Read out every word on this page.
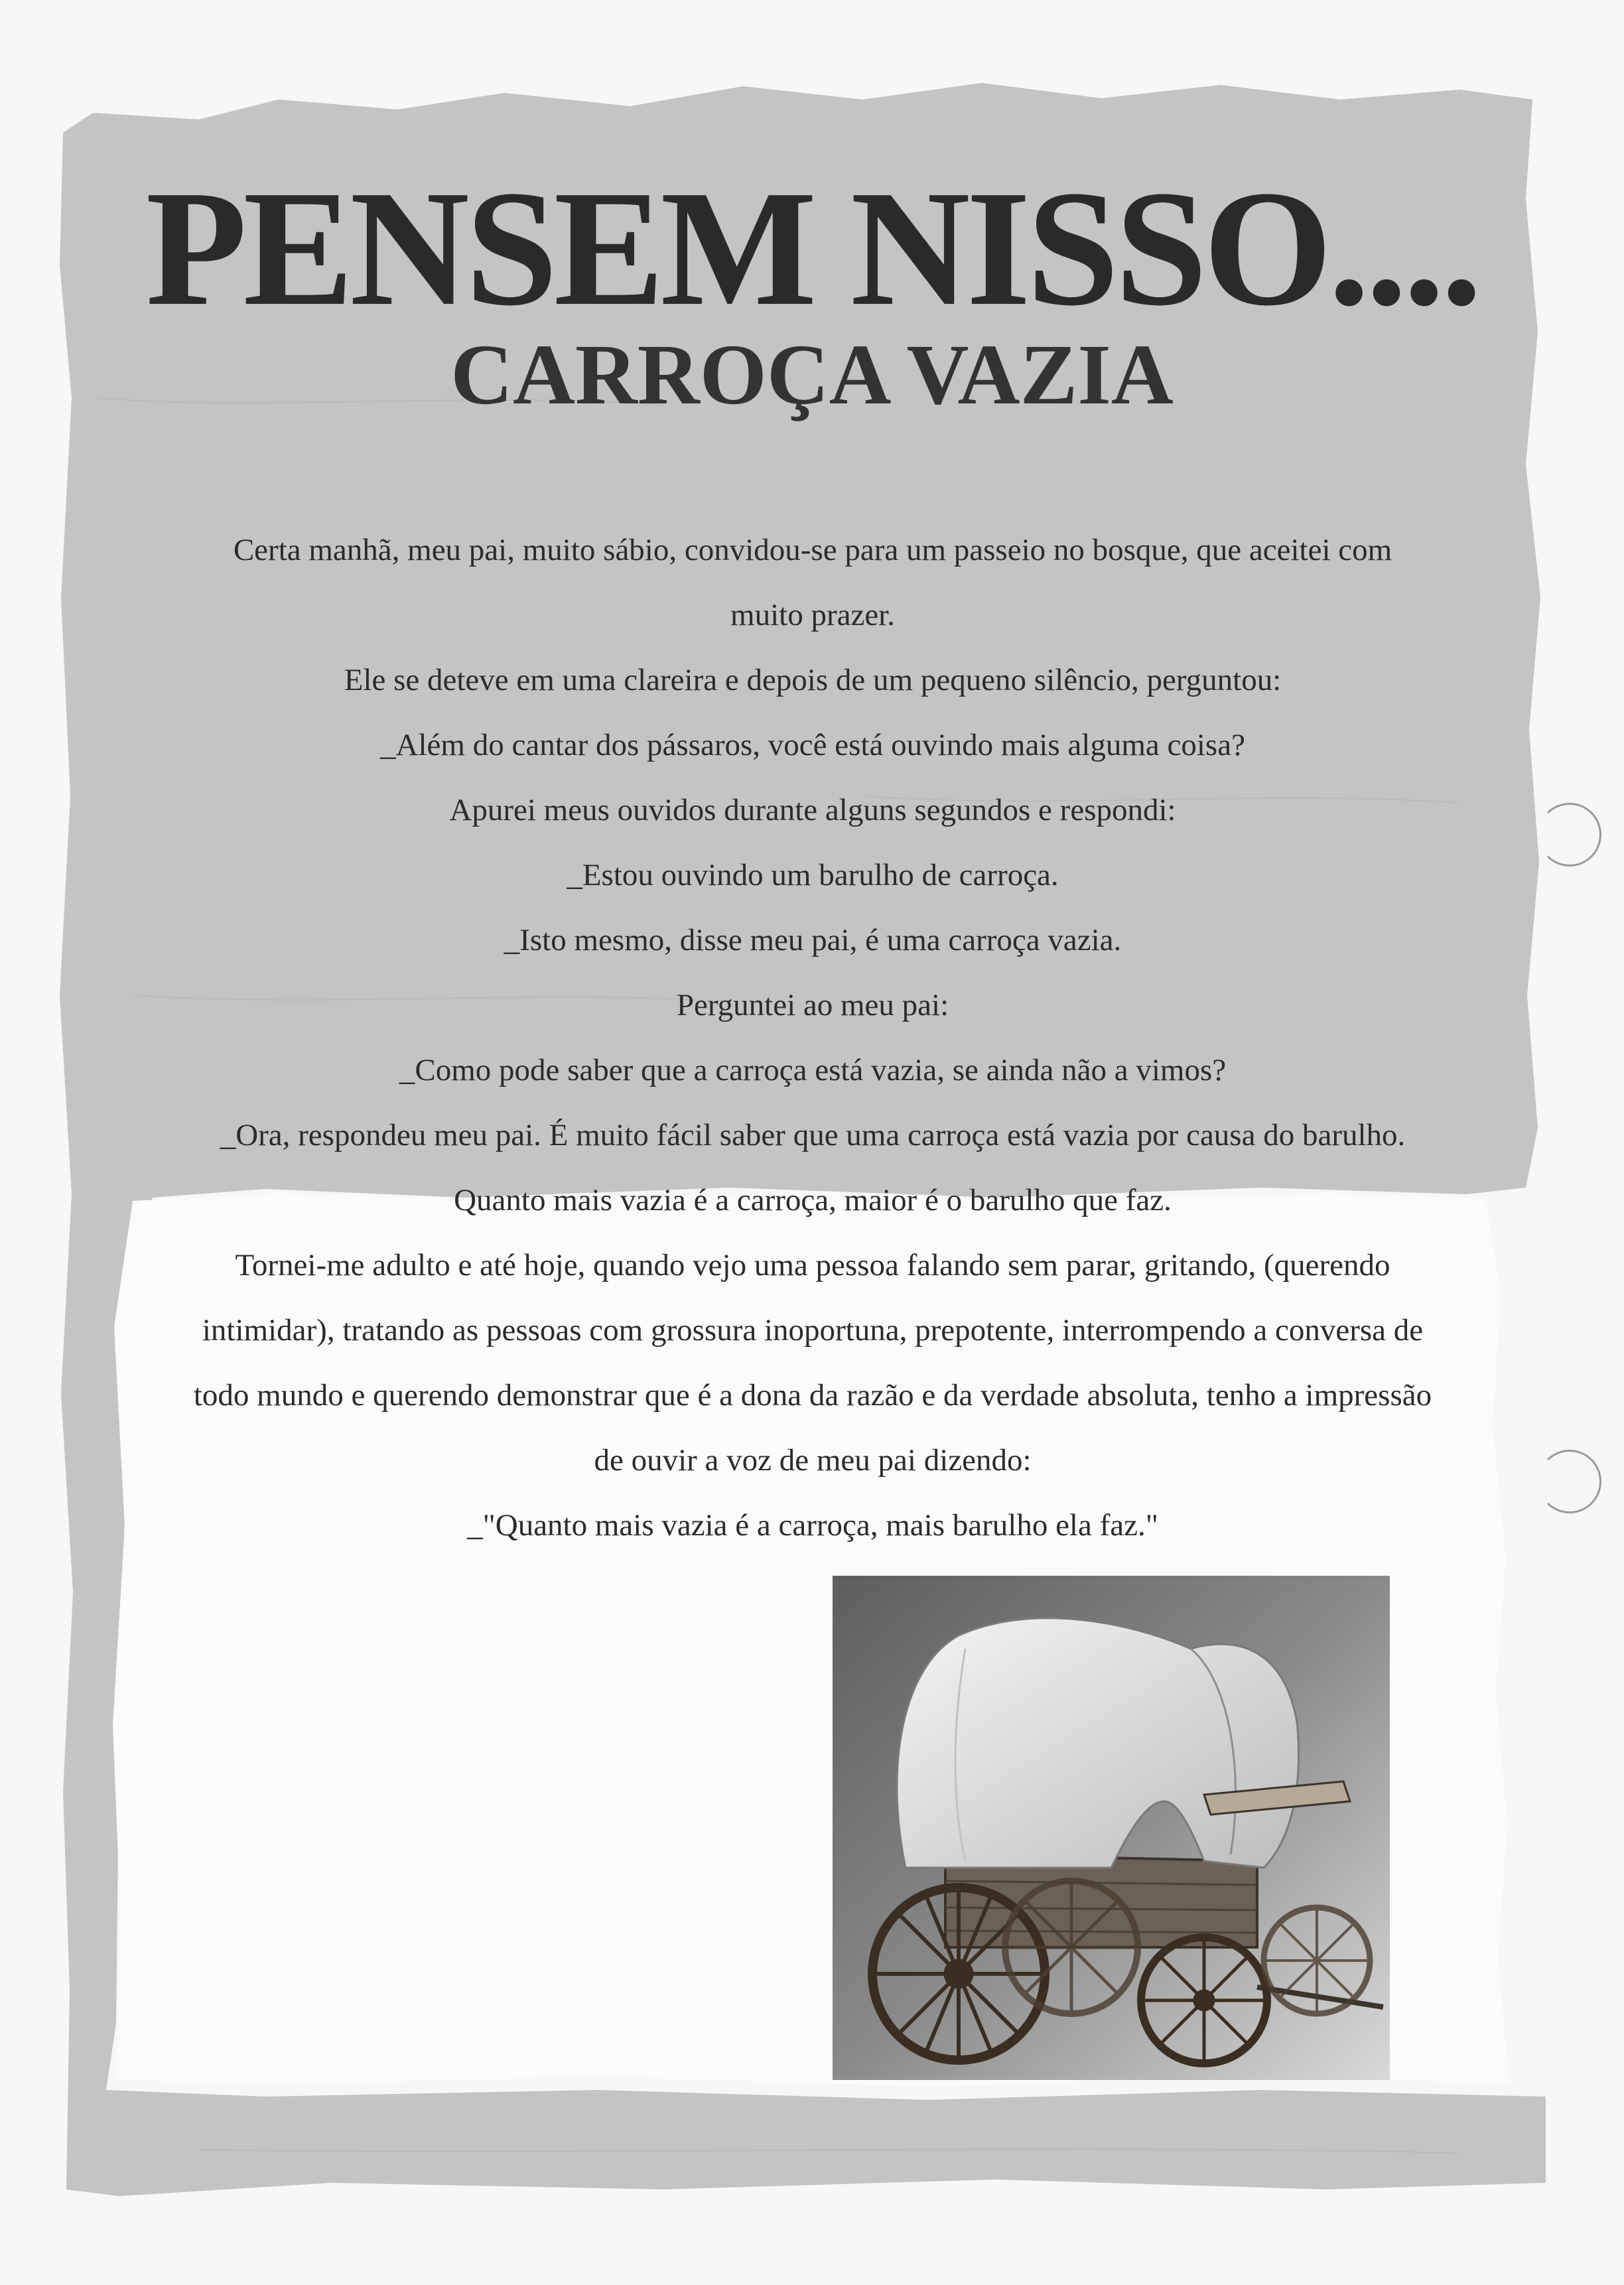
PENSEM NISSO....
CARROÇA VAZIA

Certa manhã, meu pai, muito sábio, convidou-se para um passeio no bosque, que aceitei com

muito prazer.

Ele se deteve em uma clareira e depois de um pequeno silêncio, perguntou:

_Além do cantar dos pássaros, você está ouvindo mais alguma coisa?

Apurei meus ouvidos durante alguns segundos e respondi:

_Estou ouvindo um barulho de carroça.

_Isto mesmo, disse meu pai, é uma carroça vazia.

Perguntei ao meu pai:

_Como pode saber que a carroça está vazia, se ainda não a vimos?

_Ora, respondeu meu pai. É muito fácil saber que uma carroça está vazia por causa do barulho.

Quanto mais vazia é a carroça, maior é o barulho que faz.

Tornei-me adulto e até hoje, quando vejo uma pessoa falando sem parar, gritando, (querendo

intimidar), tratando as pessoas com grossura inoportuna, prepotente, interrompendo a conversa de

todo mundo e querendo demonstrar que é a dona da razão e da verdade absoluta, tenho a impressão

de ouvir a voz de meu pai dizendo:

_"Quanto mais vazia é a carroça, mais barulho ela faz."
